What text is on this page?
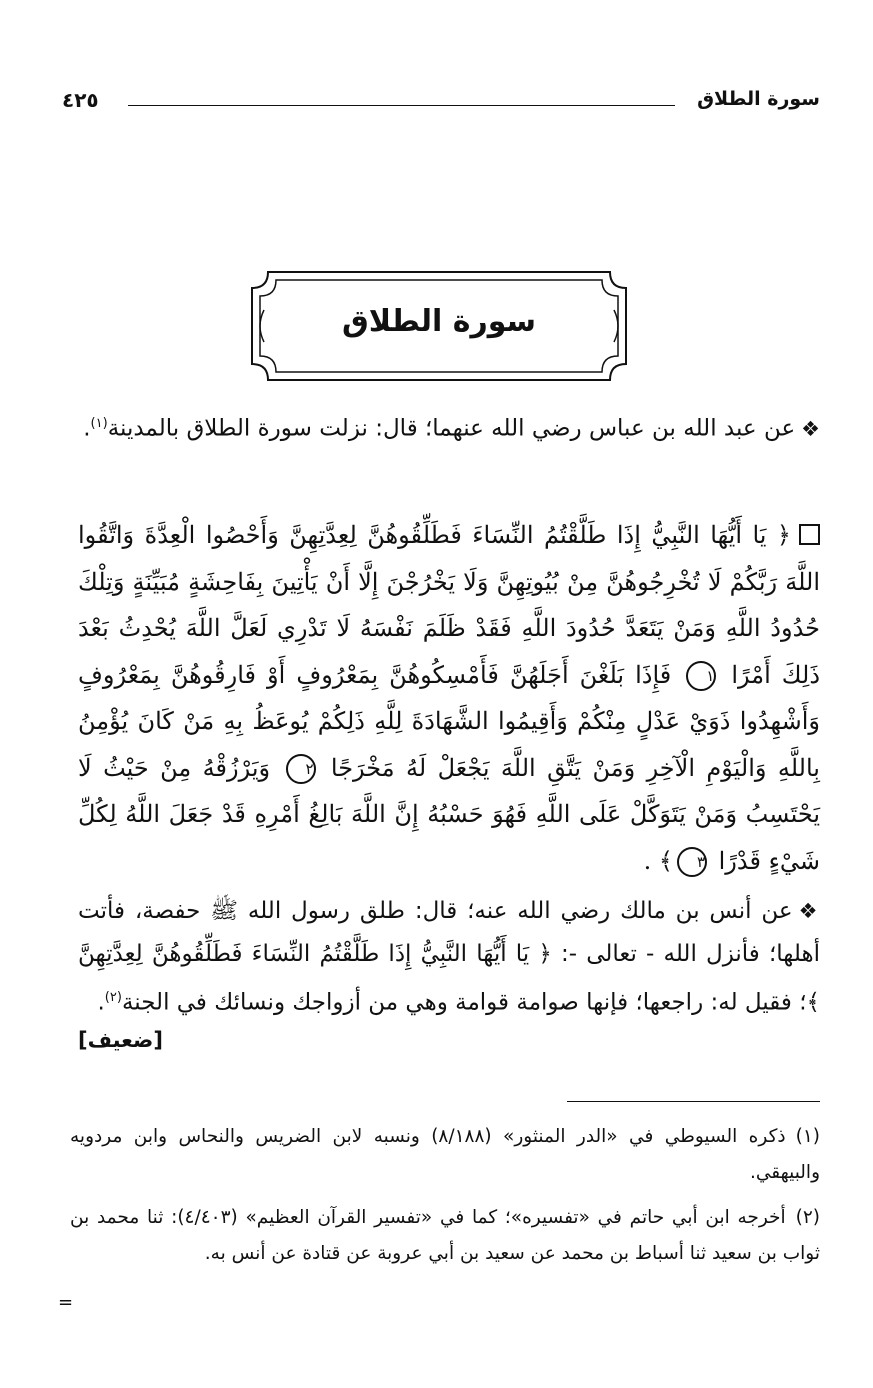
سورة الطلاق
٤٢٥
سورة الطلاق
❖عن عبد الله بن عباس رضي الله عنهما؛ قال: نزلت سورة الطلاق بالمدينة$^{(١)}$.
﴿ يَا أَيُّهَا النَّبِيُّ إِذَا طَلَّقْتُمُ النِّسَاءَ فَطَلِّقُوهُنَّ لِعِدَّتِهِنَّ وَأَحْصُوا الْعِدَّةَ وَاتَّقُوا اللَّهَ رَبَّكُمْ لَا تُخْرِجُوهُنَّ مِنْ بُيُوتِهِنَّ وَلَا يَخْرُجْنَ إِلَّا أَنْ يَأْتِينَ بِفَاحِشَةٍ مُبَيِّنَةٍ وَتِلْكَ حُدُودُ اللَّهِ وَمَنْ يَتَعَدَّ حُدُودَ اللَّهِ فَقَدْ ظَلَمَ نَفْسَهُ لَا تَدْرِي لَعَلَّ اللَّهَ يُحْدِثُ بَعْدَ ذَلِكَ أَمْرًا ١ فَإِذَا بَلَغْنَ أَجَلَهُنَّ فَأَمْسِكُوهُنَّ بِمَعْرُوفٍ أَوْ فَارِقُوهُنَّ بِمَعْرُوفٍ وَأَشْهِدُوا ذَوَيْ عَدْلٍ مِنْكُمْ وَأَقِيمُوا الشَّهَادَةَ لِلَّهِ ذَلِكُمْ يُوعَظُ بِهِ مَنْ كَانَ يُؤْمِنُ بِاللَّهِ وَالْيَوْمِ الْآخِرِ وَمَنْ يَتَّقِ اللَّهَ يَجْعَلْ لَهُ مَخْرَجًا ٢ وَيَرْزُقْهُ مِنْ حَيْثُ لَا يَحْتَسِبُ وَمَنْ يَتَوَكَّلْ عَلَى اللَّهِ فَهُوَ حَسْبُهُ إِنَّ اللَّهَ بَالِغُ أَمْرِهِ قَدْ جَعَلَ اللَّهُ لِكُلِّ شَيْءٍ قَدْرًا ٣﴾ .
❖عن أنس بن مالك رضي الله عنه؛ قال: طلق رسول الله ﷺ حفصة، فأتت أهلها؛ فأنزل الله - تعالى -: ﴿ يَا أَيُّهَا النَّبِيُّ إِذَا طَلَّقْتُمُ النِّسَاءَ فَطَلِّقُوهُنَّ لِعِدَّتِهِنَّ ﴾؛ فقيل له: راجعها؛ فإنها صوامة قوامة وهي من أزواجك ونسائك في الجنة$^{(٢)}$.
[ضعيف]
(١)ذكره السيوطي في «الدر المنثور» (٨/١٨٨) ونسبه لابن الضريس والنحاس وابن مردويه والبيهقي.
(٢)أخرجه ابن أبي حاتم في «تفسيره»؛ كما في «تفسير القرآن العظيم» (٤/٤٠٣): ثنا محمد بن ثواب بن سعيد ثنا أسباط بن محمد عن سعيد بن أبي عروبة عن قتادة عن أنس به.
=
